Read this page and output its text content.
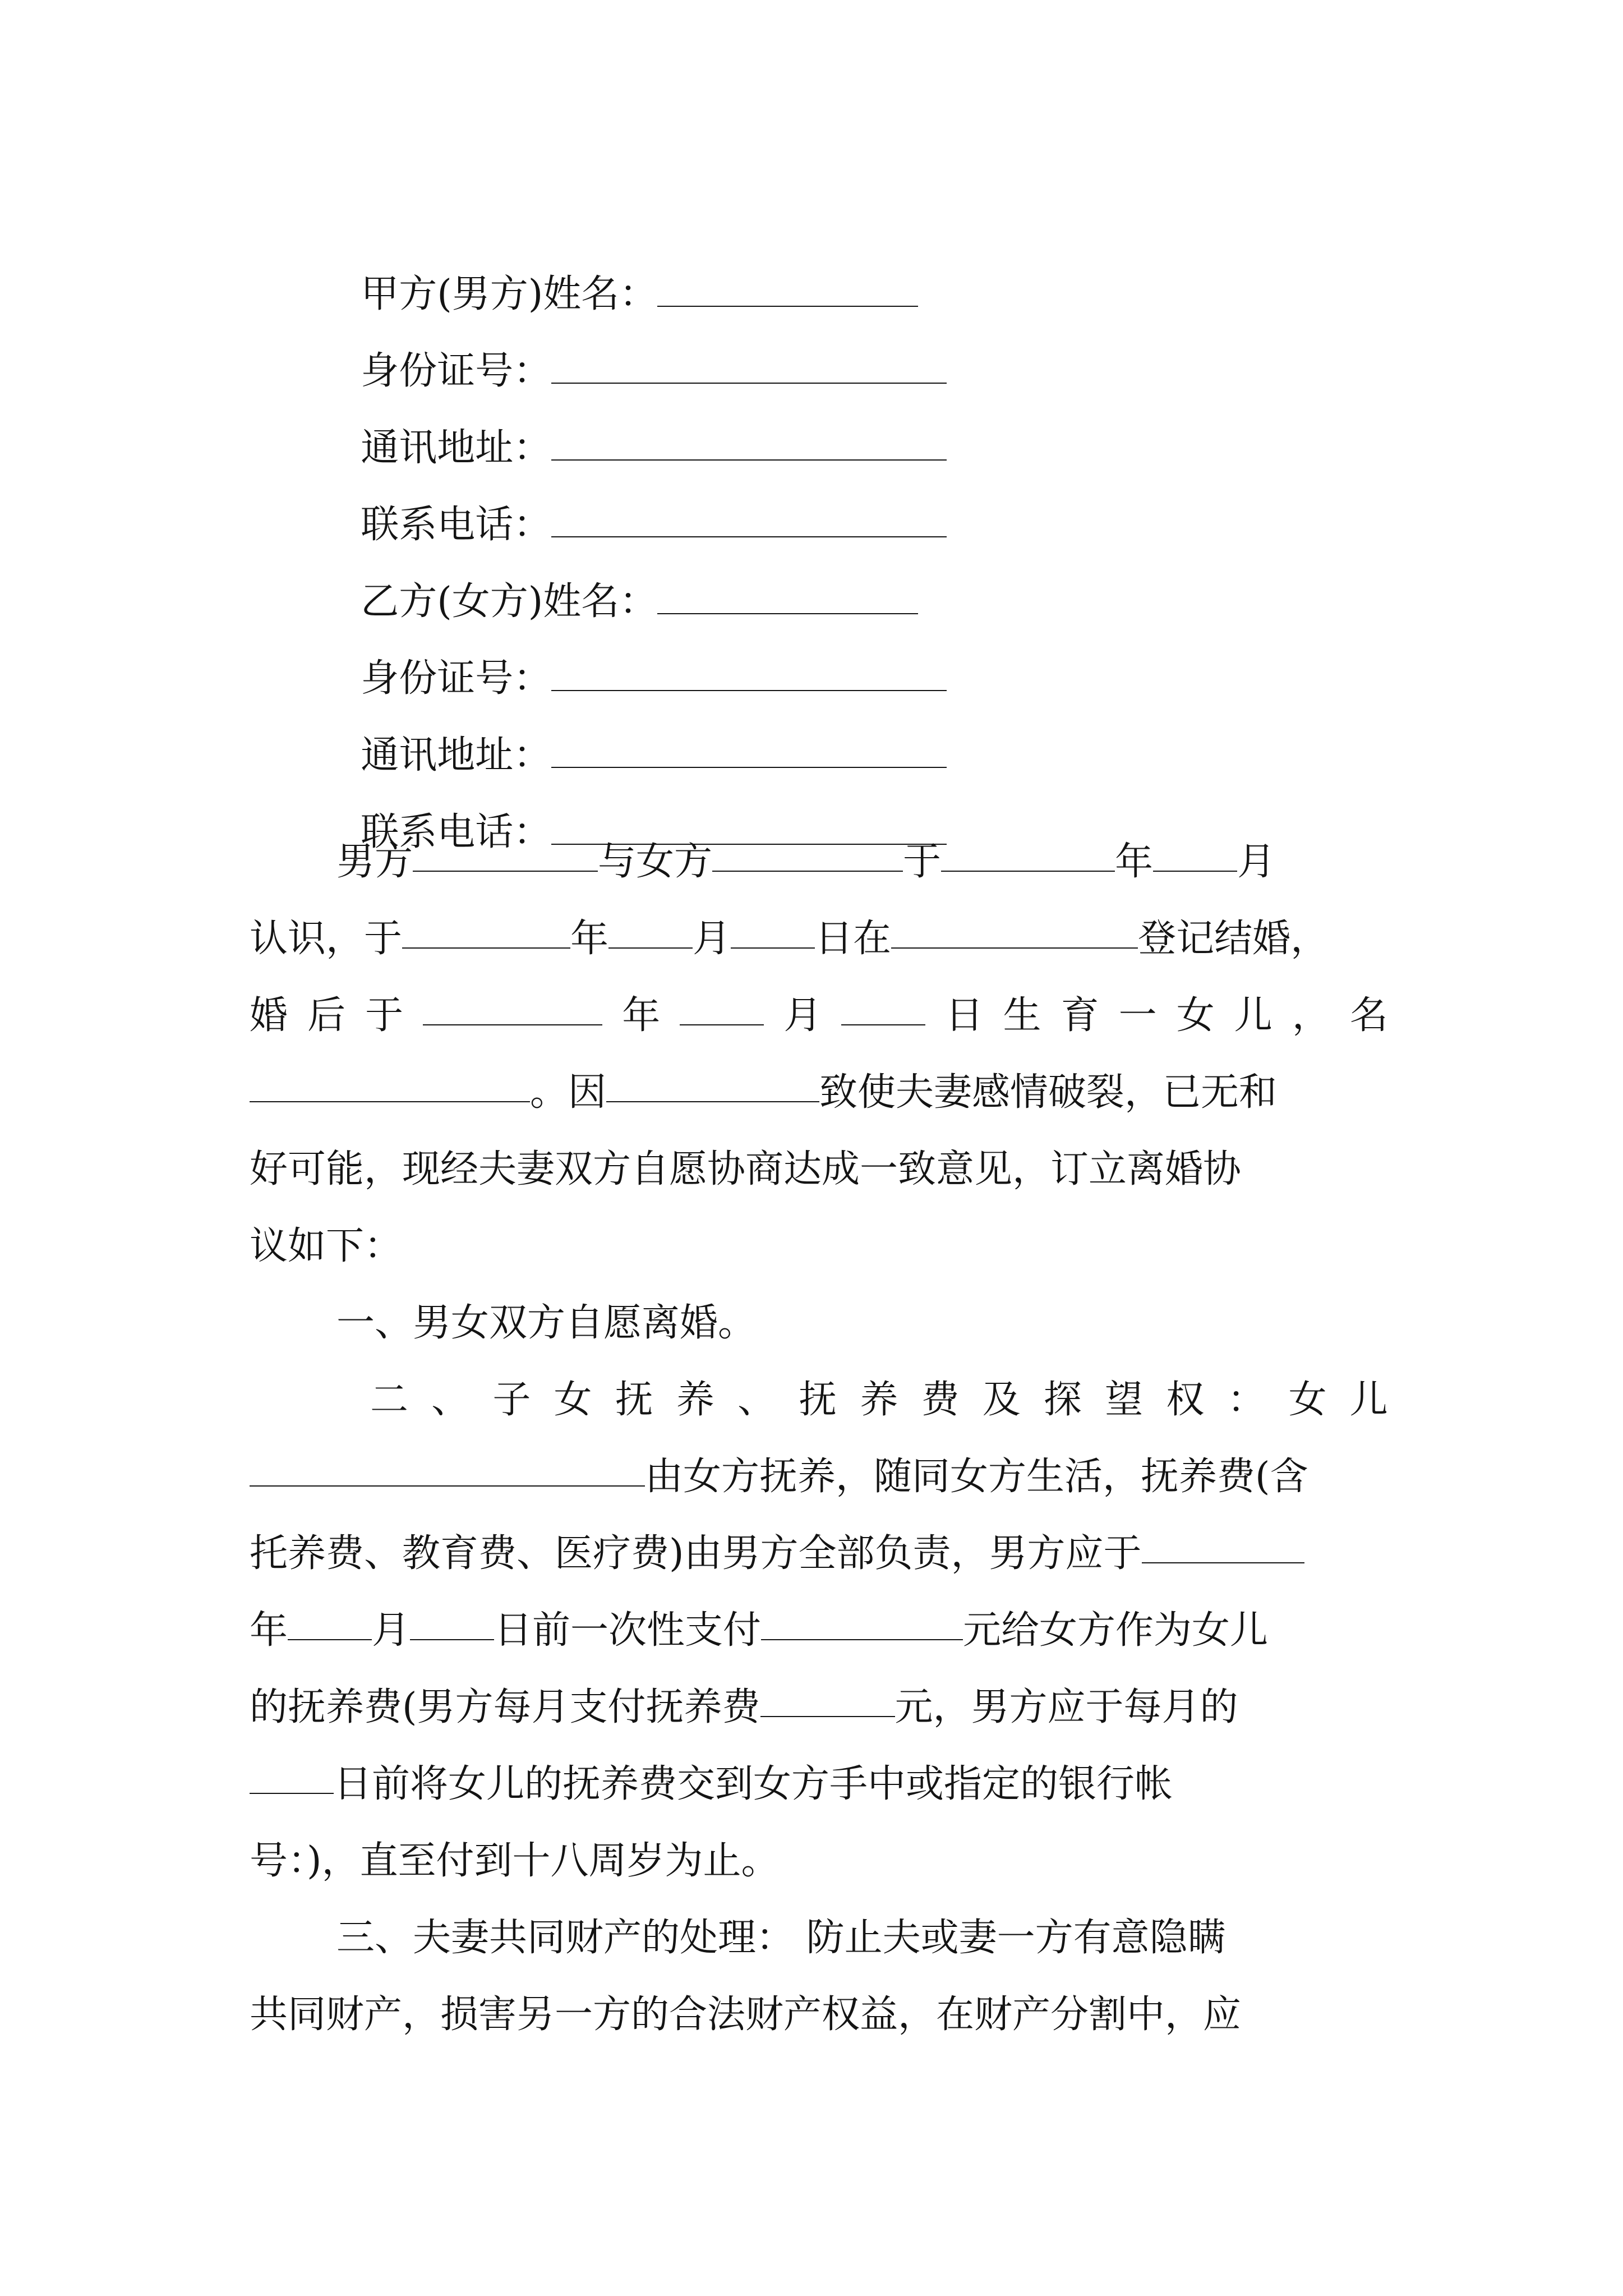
甲方(男方)姓名：

身份证号：

通讯地址：

联系电话：

乙方(女方)姓名：

身份证号：

通讯地址：

联系电话：

男方	与女方	于	年 月
认识，于	年 月 日在	登记结婚，
婚 后 于	年	月	日 生 育 一 女 儿 ， 名
。因	致使夫妻感情破裂，已无和
好可能，现经夫妻双方自愿协商达成一致意见，订立离婚协
议如下：
一、男女双方自愿离婚。
二 、 子 女 抚 养 、 抚 养 费 及 探 望 权 ： 女 儿
由女方抚养，随同女方生活，抚养费(含
托养费、教育费、医疗费)由男方全部负责，男方应于
年 月 日前一次性支付	元给女方作为女儿
的抚养费(男方每月支付抚养费	元，男方应于每月的
日前将女儿的抚养费交到女方手中或指定的银行帐
号：)，直至付到十八周岁为止。
三、夫妻共同财产的处理： 防止夫或妻一方有意隐瞒
共同财产，损害另一方的合法财产权益，在财产分割中，应
